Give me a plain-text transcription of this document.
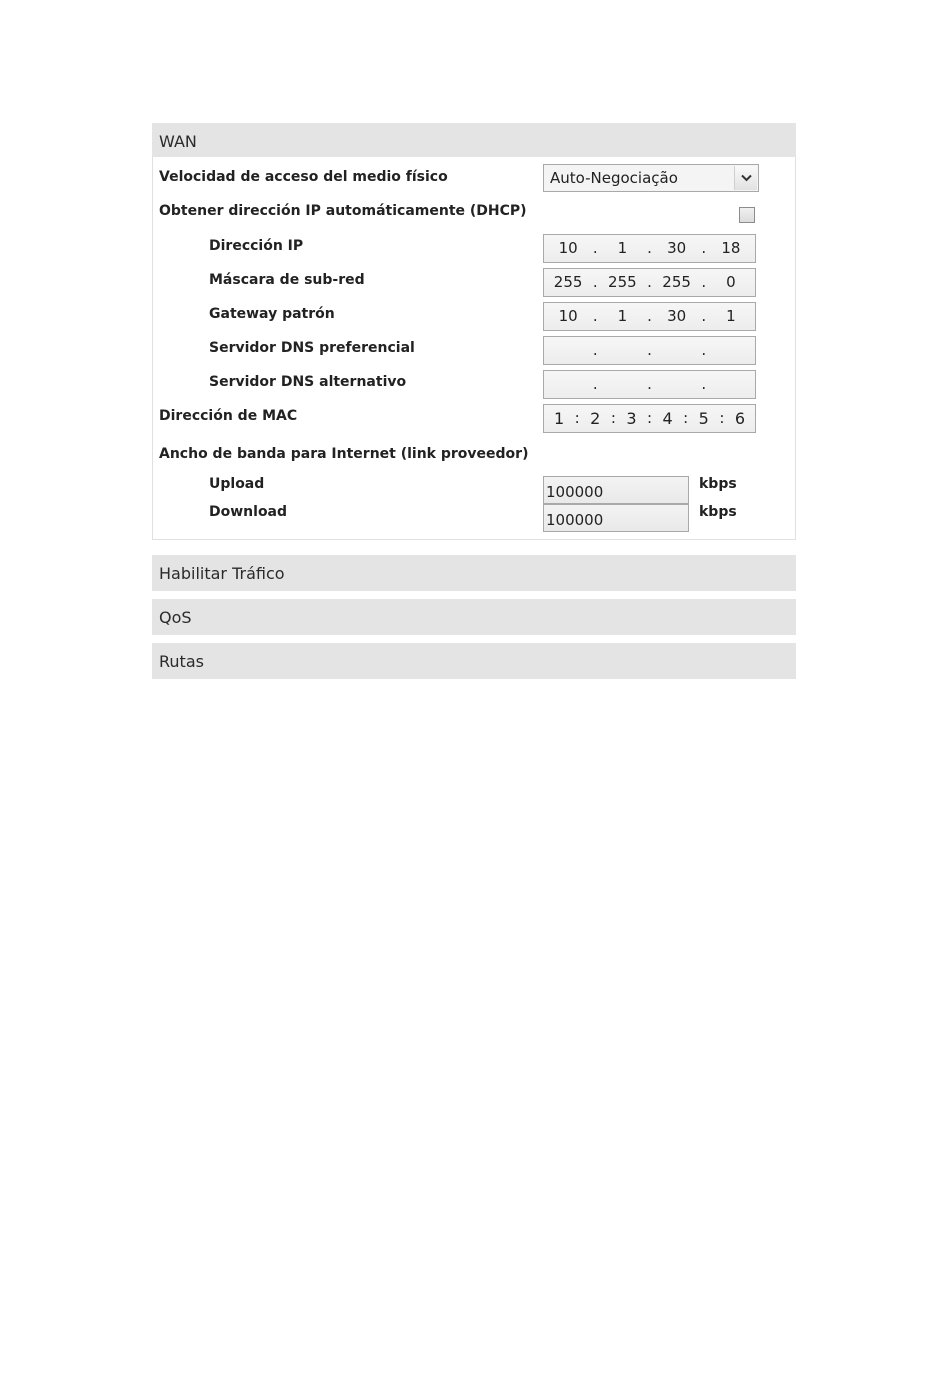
WAN
Velocidad de acceso del medio físico	Auto-Negociação
Obtener dirección IP automáticamente (DHCP)
Dirección IP	10	.	1	.	30	.	18
Máscara de sub-red	255 . 255 . 255 .	0
Gateway patrón	10	.	1	.	30	.	1
Servidor DNS preferencial	.	.	.
Servidor DNS alternativo	.	.	.
Dirección de MAC	1 : 2 : 3 : 4 : 5 : 6
Ancho de banda para Internet (link proveedor)
Upload	100000	kbps
Download	100000	kbps
Habilitar Tráfico
QoS
Rutas
